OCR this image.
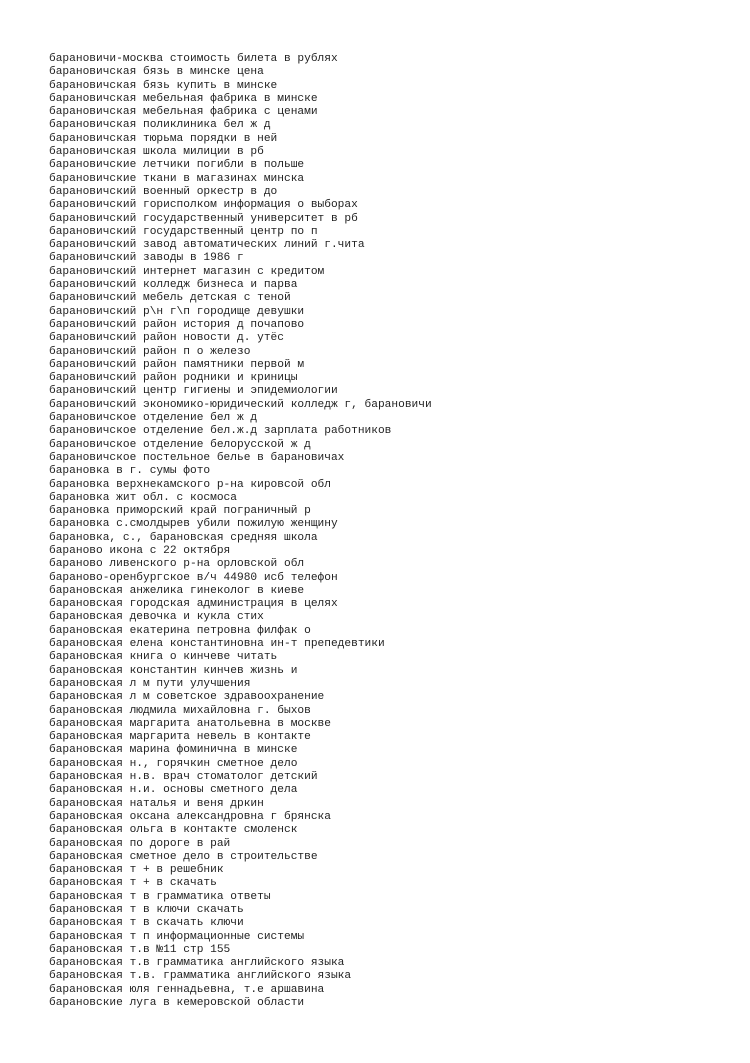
барановичи-москва стоимость билета в рублях
барановичская бязь в минске цена
барановичская бязь купить в минске
барановичская мебельная фабрика в минске
барановичская мебельная фабрика с ценами
барановичская поликлиника бел ж д
барановичская тюрьма порядки в ней
барановичская школа милиции в рб
барановичские летчики погибли в польше
барановичские ткани в магазинах минска
барановичский военный оркестр в до
барановичский горисполком информация о выборах
барановичский государственный университет в рб
барановичский государственный центр по п
барановичский завод автоматических линий г.чита
барановичский заводы в 1986 г
барановичский интернет магазин с кредитом
барановичский колледж бизнеса и парва
барановичский мебель детская с теной
барановичский р\н г\п городище девушки
барановичский район история д почапово
барановичский район новости д. утёс
барановичский район п о железо
барановичский район памятники первой м
барановичский район родники и криницы
барановичский центр гигиены и эпидемиологии
барановичский экономико-юридический колледж г, барановичи
барановичское отделение бел ж д
барановичское отделение бел.ж.д зарплата работников
барановичское отделение белорусской ж д
барановичское постельное белье в барановичах
барановка в г. сумы фото
барановка верхнекамского р-на кировсой обл
барановка жит обл. с космоса
барановка приморский край пограничный р
барановка с.смолдырев убили пожилую женщину
барановка, с., барановская средняя школа
бараново икона с 22 октября
бараново ливенского р-на орловской обл
бараново-оренбургское в/ч 44980 исб телефон
барановская анжелика гинеколог в киеве
барановская городская администрация в целях
барановская девочка и кукла стих
барановская екатерина петровна филфак о
барановская елена константиновна ин-т препедевтики
барановская книга о кинчеве читать
барановская константин кинчев жизнь и
барановская л м пути улучшения
барановская л м советское здравоохранение
барановская людмила михайловна г. быхов
барановская маргарита анатольевна в москве
барановская маргарита невель в контакте
барановская марина фоминична в минске
барановская н., горячкин сметное дело
барановская н.в. врач стоматолог детский
барановская н.и. основы сметного дела
барановская наталья и веня дркин
барановская оксана александровна г брянска
барановская ольга в контакте смоленск
барановская по дороге в рай
барановская сметное дело в строительстве
барановская т + в решебник
барановская т + в скачать
барановская т в грамматика ответы
барановская т в ключи скачать
барановская т в скачать ключи
барановская т п информационные системы
барановская т.в №11 стр 155
барановская т.в грамматика английского языка
барановская т.в. грамматика английского языка
барановская юля геннадьевна, т.е аршавина
барановские луга в кемеровской области
